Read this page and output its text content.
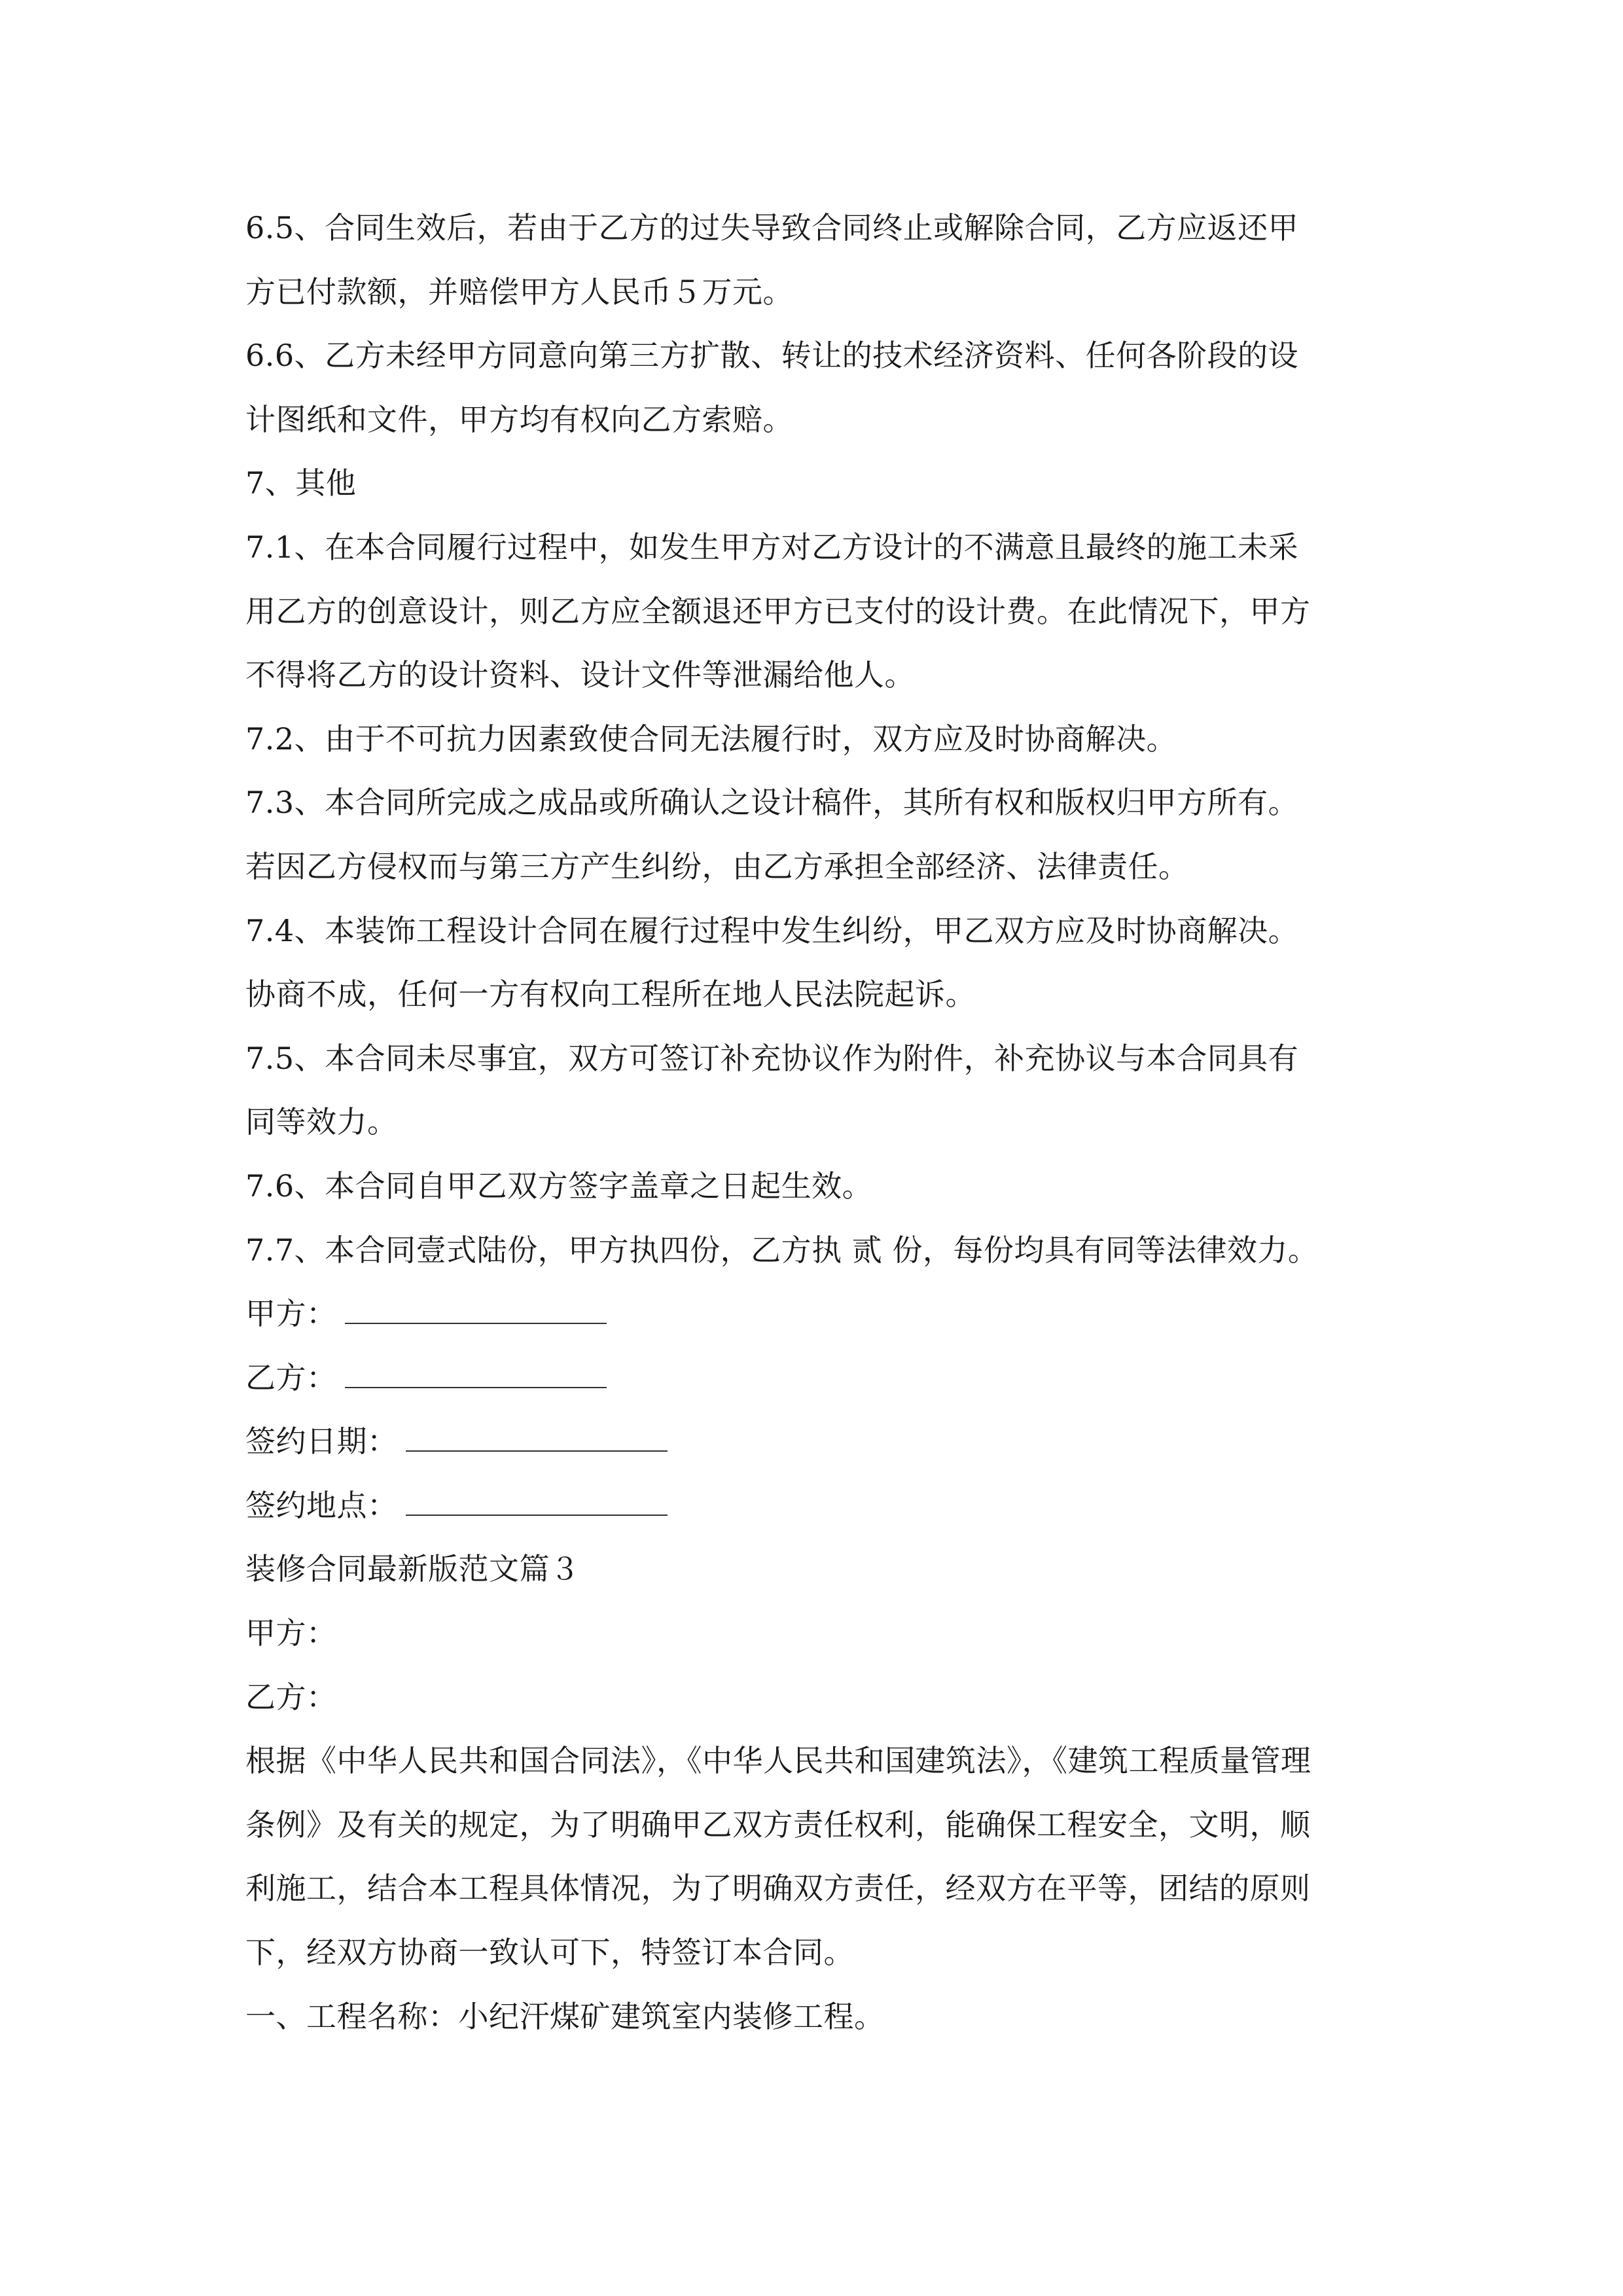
6.5、合同生效后，若由于乙方的过失导致合同终止或解除合同，乙方应返还甲
方已付款额，并赔偿甲方人民币５万元。
6.6、乙方未经甲方同意向第三方扩散、转让的技术经济资料、任何各阶段的设
计图纸和文件，甲方均有权向乙方索赔。
7、其他
7.1、在本合同履行过程中，如发生甲方对乙方设计的不满意且最终的施工未采
用乙方的创意设计，则乙方应全额退还甲方已支付的设计费。在此情况下，甲方
不得将乙方的设计资料、设计文件等泄漏给他人。
7.2、由于不可抗力因素致使合同无法履行时，双方应及时协商解决。
7.3、本合同所完成之成品或所确认之设计稿件，其所有权和版权归甲方所有。
若因乙方侵权而与第三方产生纠纷，由乙方承担全部经济、法律责任。
7.4、本装饰工程设计合同在履行过程中发生纠纷，甲乙双方应及时协商解决。
协商不成，任何一方有权向工程所在地人民法院起诉。
7.5、本合同未尽事宜，双方可签订补充协议作为附件，补充协议与本合同具有
同等效力。
7.6、本合同自甲乙双方签字盖章之日起生效。
7.7、本合同壹式陆份，甲方执四份，乙方执 贰 份，每份均具有同等法律效力。
甲方：
乙方：
签约日期：
签约地点：
装修合同最新版范文篇３
甲方：
乙方：
根据《中华人民共和国合同法》，《中华人民共和国建筑法》，《建筑工程质量管理
条例》及有关的规定，为了明确甲乙双方责任权利，能确保工程安全，文明，顺
利施工，结合本工程具体情况，为了明确双方责任，经双方在平等，团结的原则
下，经双方协商一致认可下，特签订本合同。
一、工程名称：小纪汗煤矿建筑室内装修工程。
